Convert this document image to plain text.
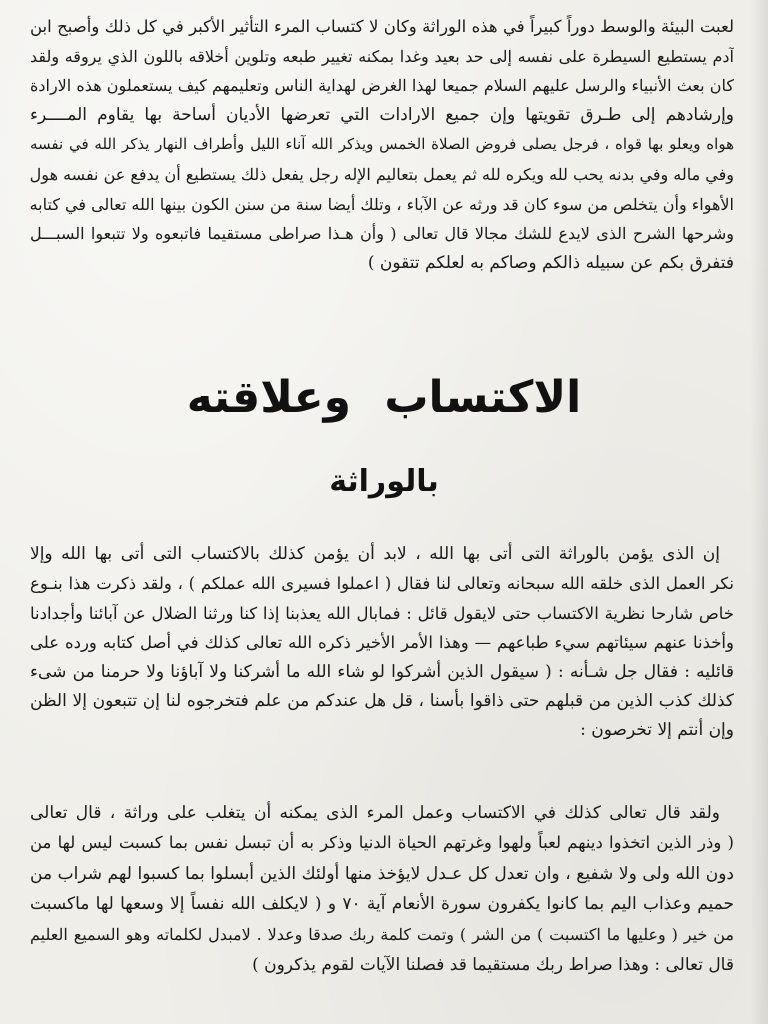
لعبت البيئة والوسط دوراً كبيراً في هذه الوراثة وكان لا كتساب المرء التأثير الأكبر في كل ذلك وأصبح ابن
آدم يستطيع السيطرة على نفسه إلى حد بعيد وغدا بمكنه تغيير طبعه وتلوين أخلاقه باللون الذي يروقه ولقد
كان بعث الأنبياء والرسل عليهم السلام جميعا لهذا الغرض لهداية الناس وتعليمهم كيف يستعملون هذه الارادة
وإرشادهم إلى طـرق تقويتها وإن جميع الارادات التي تعرضها الأديان أساحة بها يقاوم المــــرء
هواه ويعلو بها قواه ، فرجل يصلى فروض الصلاة الخمس ويذكر الله آناء الليل وأطراف النهار يذكر الله في نفسه
وفي ماله وفي بدنه يحب لله ويكره لله ثم يعمل بتعاليم الإله رجل يفعل ذلك يستطيع أن يدفع عن نفسه هول
الأهواء وأن يتخلص من سوء كان قد ورثه عن الآباء ، وتلك أيضا سنة من سنن الكون بينها الله تعالى في كتابه
وشرحها الشرح الذى لايدع للشك مجالا قال تعالى ( وأن هـذا صراطى مستقيما فاتبعوه ولا تتبعوا السبـــل
فتفرق بكم عن سبيله ذالكم وصاكم به لعلكم تتقون )
الاكتساب وعلاقته
بالوراثة
إن الذى يؤمن بالوراثة التى أتى بها الله ، لابد أن يؤمن كذلك بالاكتساب التى أتى بها الله وإلا
نكر العمل الذى خلقه الله سبحانه وتعالى لنا فقال ( اعملوا فسيرى الله عملكم ) ، ولقد ذكرت هذا بنـوع
خاص شارحا نظرية الاكتساب حتى لايقول قائل : فمابال الله يعذبنا إذا كنا ورثنا الضلال عن آبائنا وأجدادنا
وأخذنا عنهم سيئاتهم سيء طباعهم — وهذا الأمر الأخير ذكره الله تعالى كذلك في أصل كتابه ورده على
قائليه : فقال جل شـأنه : ( سيقول الذين أشركوا لو شاء الله ما أشركنا ولا آباؤنا ولا حرمنا من شىء
كذلك كذب الذين من قبلهم حتى ذاقوا بأسنا ، قل هل عندكم من علم فتخرجوه لنا إن تتبعون إلا الظن
وإن أنتم إلا تخرصون :
ولقد قال تعالى كذلك في الاكتساب وعمل المرء الذى يمكنه أن يتغلب على وراثة ، قال تعالى
( وذر الذين اتخذوا دينهم لعباً ولهوا وغرتهم الحياة الدنيا وذكر به أن تبسل نفس بما كسبت ليس لها من
دون الله ولى ولا شفيع ، وان تعدل كل عـدل لايؤخذ منها أولئك الذين أبسلوا بما كسبوا لهم شراب من
حميم وعذاب اليم بما كانوا يكفرون سورة الأنعام آية ٧٠ و ( لايكلف الله نفساً إلا وسعها لها ماكسبت
من خير ( وعليها ما اكتسبت ) من الشر ) وتمت كلمة ربك صدقا وعدلا . لامبدل لكلماته وهو السميع العليم
قال تعالى : وهذا صراط ربك مستقيما قد فصلنا الآيات لقوم يذكرون )
